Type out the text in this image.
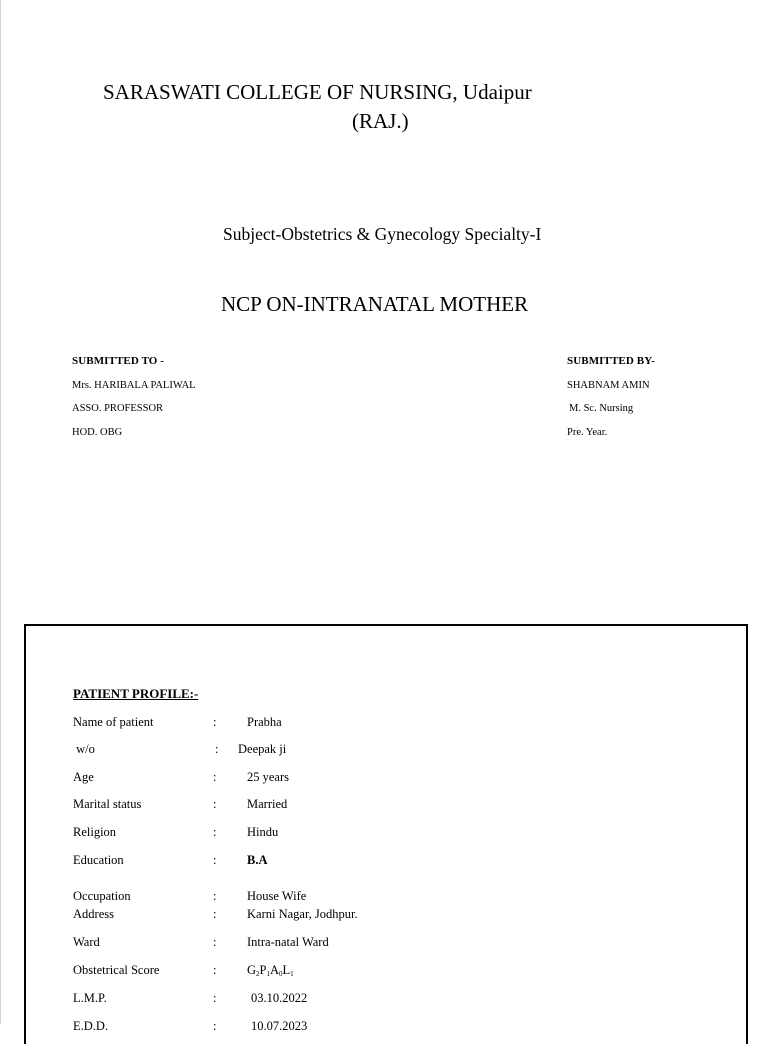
SARASWATI COLLEGE OF NURSING, Udaipur
(RAJ.)
Subject-Obstetrics & Gynecology Specialty-I
NCP ON-INTRANATAL MOTHER
SUBMITTED TO -
Mrs. HARIBALA PALIWAL
ASSO. PROFESSOR
HOD. OBG
SUBMITTED BY-
SHABNAM AMIN
M. Sc. Nursing
Pre. Year.
PATIENT PROFILE:-
Name of patient	: Prabha
w/o	: Deepak ji
Age	: 25 years
Marital status	: Married
Religion	: Hindu
Education	: B.A
Occupation	: House Wife
Address	: Karni Nagar, Jodhpur.
Ward	: Intra-natal Ward
Obstetrical Score	: $G_2P_1A_0L_1$
L.M.P.	:	03.10.2022
E.D.D.	:	10.07.2023
